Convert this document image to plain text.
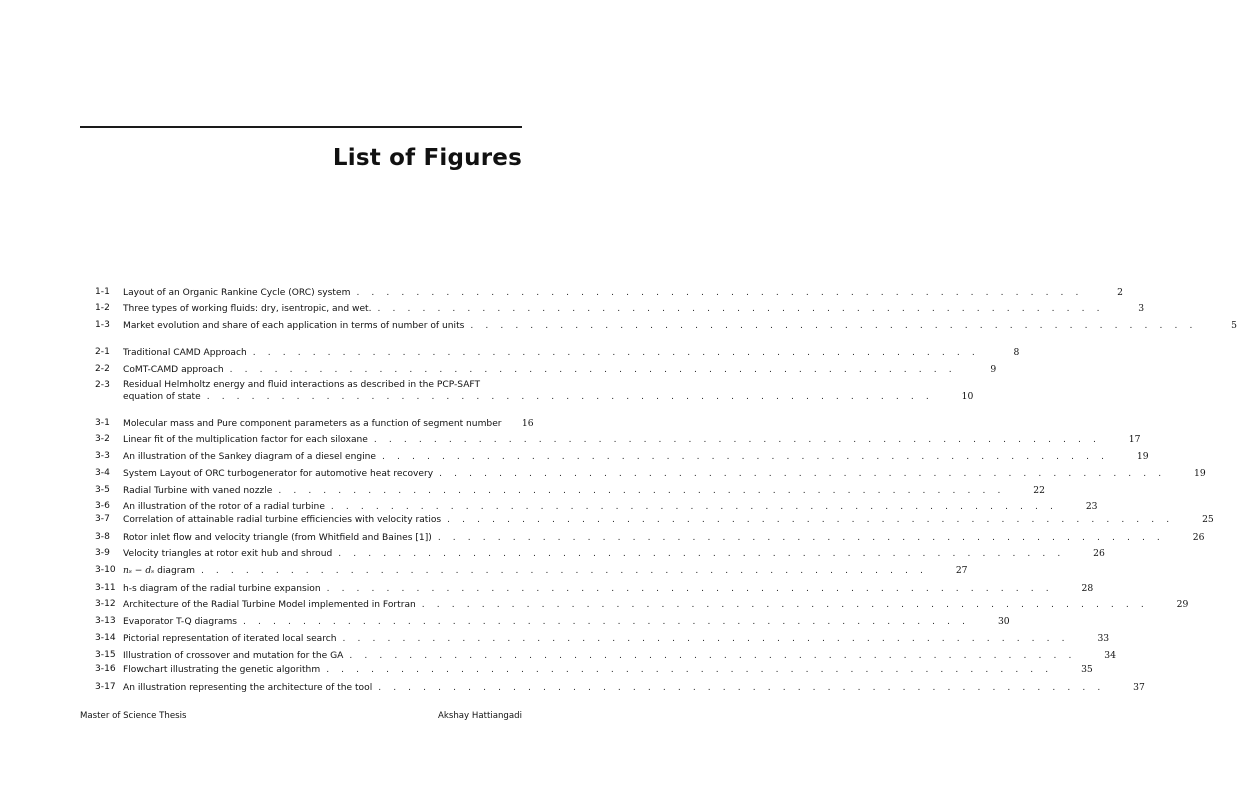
List of Figures
1-1	Layout of an Organic Rankine Cycle (ORC) system . . . . . . . . . . . . . . . . . . . . . . . . . . . . . . . . . . . . . . . . . . . . . . . . .	2
1-2	Three types of working fluids: dry, isentropic, and wet. . . . . . . . . . . . . . . . . . . . . . . . . . . . . . . . . . . . . . . . . . . . . . . . . .	3
1-3	Market evolution and share of each application in terms of number of units . . . . . . . . . . . . . . . . . . . . . . . . . . . . . . . . . . . . . . . . . . . . . . . . .	5
2-1	Traditional CAMD Approach . . . . . . . . . . . . . . . . . . . . . . . . . . . . . . . . . . . . . . . . . . . . . . . . .	8
2-2	CoMT-CAMD approach . . . . . . . . . . . . . . . . . . . . . . . . . . . . . . . . . . . . . . . . . . . . . . . . .	9
2-3	Residual Helmholtz energy and fluid interactions as described in the PCP-SAFT
equation of state . . . . . . . . . . . . . . . . . . . . . . . . . . . . . . . . . . . . . . . . . . . . . . . . .	10
3-1	Molecular mass and Pure component parameters as a function of segment number	16
3-2	Linear fit of the multiplication factor for each siloxane . . . . . . . . . . . . . . . . . . . . . . . . . . . . . . . . . . . . . . . . . . . . . . . . .	17
3-3	An illustration of the Sankey diagram of a diesel engine . . . . . . . . . . . . . . . . . . . . . . . . . . . . . . . . . . . . . . . . . . . . . . . . .	19
3-4	System Layout of ORC turbogenerator for automotive heat recovery . . . . . . . . . . . . . . . . . . . . . . . . . . . . . . . . . . . . . . . . . . . . . . . . .	19
3-5	Radial Turbine with vaned nozzle . . . . . . . . . . . . . . . . . . . . . . . . . . . . . . . . . . . . . . . . . . . . . . . . .	22
3-6	An illustration of the rotor of a radial turbine . . . . . . . . . . . . . . . . . . . . . . . . . . . . . . . . . . . . . . . . . . . . . . . . .	23
3-7	Correlation of attainable radial turbine efficiencies with velocity ratios . . . . . . . . . . . . . . . . . . . . . . . . . . . . . . . . . . . . . . . . . . . . . . . . .	25
3-8	Rotor inlet flow and velocity triangle (from Whitfield and Baines [1]) . . . . . . . . . . . . . . . . . . . . . . . . . . . . . . . . . . . . . . . . . . . . . . . . .	26
3-9	Velocity triangles at rotor exit hub and shroud . . . . . . . . . . . . . . . . . . . . . . . . . . . . . . . . . . . . . . . . . . . . . . . . .	26
3-10 nₛ − dₛ diagram . . . . . . . . . . . . . . . . . . . . . . . . . . . . . . . . . . . . . . . . . . . . . . . . .	27
3-11 h-s diagram of the radial turbine expansion . . . . . . . . . . . . . . . . . . . . . . . . . . . . . . . . . . . . . . . . . . . . . . . . .	28
3-12 Architecture of the Radial Turbine Model implemented in Fortran . . . . . . . . . . . . . . . . . . . . . . . . . . . . . . . . . . . . . . . . . . . . . . . . .	29
3-13 Evaporator T-Q diagrams . . . . . . . . . . . . . . . . . . . . . . . . . . . . . . . . . . . . . . . . . . . . . . . . .	30
3-14 Pictorial representation of iterated local search . . . . . . . . . . . . . . . . . . . . . . . . . . . . . . . . . . . . . . . . . . . . . . . . .	33
3-15 Illustration of crossover and mutation for the GA . . . . . . . . . . . . . . . . . . . . . . . . . . . . . . . . . . . . . . . . . . . . . . . . .	34
3-16 Flowchart illustrating the genetic algorithm . . . . . . . . . . . . . . . . . . . . . . . . . . . . . . . . . . . . . . . . . . . . . . . . .	35
3-17 An illustration representing the architecture of the tool . . . . . . . . . . . . . . . . . . . . . . . . . . . . . . . . . . . . . . . . . . . . . . . . .	37
Master of Science Thesis	Akshay Hattiangadi
